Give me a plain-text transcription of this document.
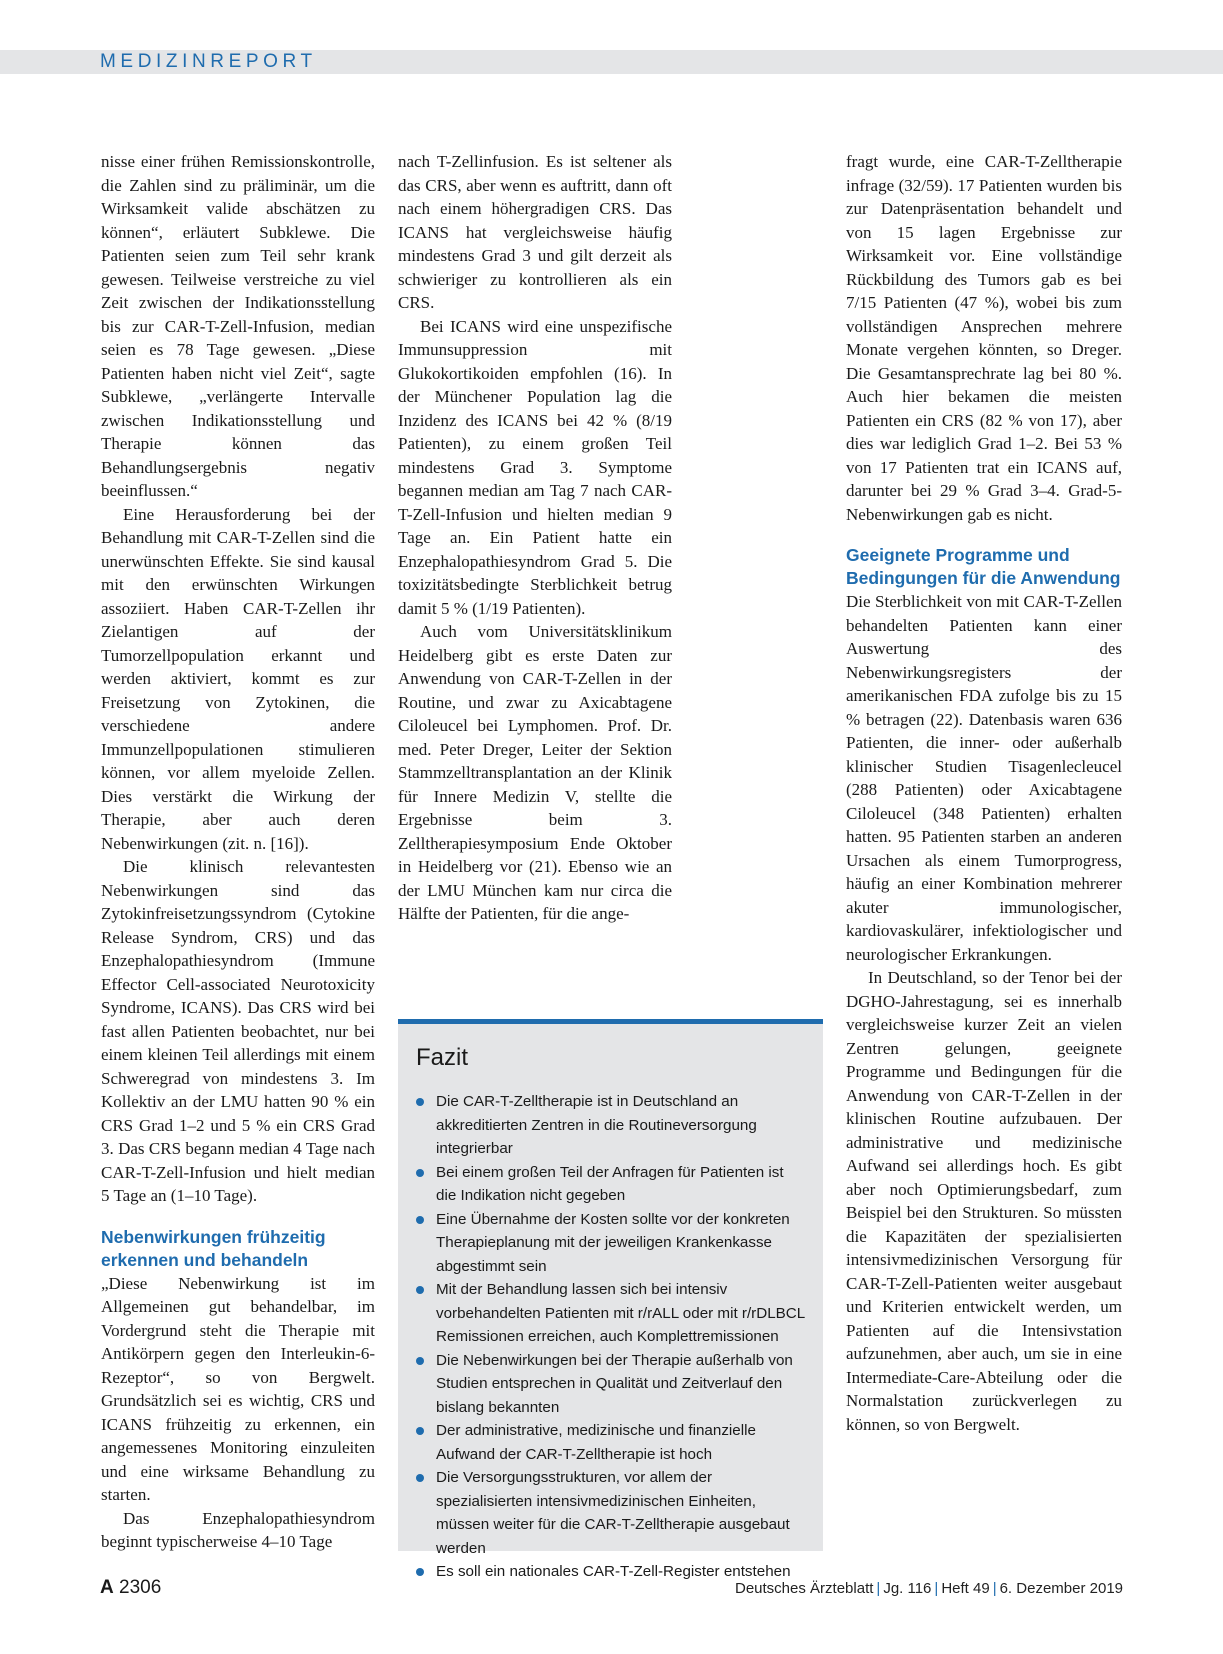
MEDIZINREPORT

nisse einer frühen Remissionskontrolle, die Zahlen sind zu präliminär, um die Wirksamkeit valide abschätzen zu können“, erläutert Subklewe. Die Patienten seien zum Teil sehr krank gewesen. Teilweise verstreiche zu viel Zeit zwischen der Indikationsstellung bis zur CAR-T-Zell-Infusion, median seien es 78 Tage gewesen. „Diese Patienten haben nicht viel Zeit“, sagte Subklewe, „verlängerte Intervalle zwischen Indikationsstellung und Therapie können das Behandlungsergebnis negativ beeinflussen.“

Eine Herausforderung bei der Behandlung mit CAR-T-Zellen sind die unerwünschten Effekte. Sie sind kausal mit den erwünschten Wirkungen assoziiert. Haben CAR-T-Zellen ihr Zielantigen auf der Tumorzellpopulation erkannt und werden aktiviert, kommt es zur Freisetzung von Zytokinen, die verschiedene andere Immunzellpopulationen stimulieren können, vor allem myeloide Zellen. Dies verstärkt die Wirkung der Therapie, aber auch deren Nebenwirkungen (zit. n. [16]).

Die klinisch relevantesten Nebenwirkungen sind das Zytokinfreisetzungssyndrom (Cytokine Release Syndrom, CRS) und das Enzephalopathiesyndrom (Immune Effector Cell-associated Neurotoxicity Syndrome, ICANS). Das CRS wird bei fast allen Patienten beobachtet, nur bei einem kleinen Teil allerdings mit einem Schweregrad von mindestens 3. Im Kollektiv an der LMU hatten 90 % ein CRS Grad 1–2 und 5 % ein CRS Grad 3. Das CRS begann median 4 Tage nach CAR-T-Zell-Infusion und hielt median 5 Tage an (1–10 Tage).

Nebenwirkungen frühzeitig erkennen und behandeln

„Diese Nebenwirkung ist im Allgemeinen gut behandelbar, im Vordergrund steht die Therapie mit Antikörpern gegen den Interleukin-6-Rezeptor“, so von Bergwelt. Grundsätzlich sei es wichtig, CRS und ICANS frühzeitig zu erkennen, ein angemessenes Monitoring einzuleiten und eine wirksame Behandlung zu starten.

Das Enzephalopathiesyndrom beginnt typischerweise 4–10 Tage

nach T-Zellinfusion. Es ist seltener als das CRS, aber wenn es auftritt, dann oft nach einem höhergradigen CRS. Das ICANS hat vergleichsweise häufig mindestens Grad 3 und gilt derzeit als schwieriger zu kontrollieren als ein CRS.

Bei ICANS wird eine unspezifische Immunsuppression mit Glukokortikoiden empfohlen (16). In der Münchener Population lag die Inzidenz des ICANS bei 42 % (8/19 Patienten), zu einem großen Teil mindestens Grad 3. Symptome begannen median am Tag 7 nach CAR-T-Zell-Infusion und hielten median 9 Tage an. Ein Patient hatte ein Enzephalopathiesyndrom Grad 5. Die toxizitätsbedingte Sterblichkeit betrug damit 5 % (1/19 Patienten).

Auch vom Universitätsklinikum Heidelberg gibt es erste Daten zur Anwendung von CAR-T-Zellen in der Routine, und zwar zu Axicabtagene Ciloleucel bei Lymphomen. Prof. Dr. med. Peter Dreger, Leiter der Sektion Stammzelltransplantation an der Klinik für Innere Medizin V, stellte die Ergebnisse beim 3. Zelltherapiesymposium Ende Oktober in Heidelberg vor (21). Ebenso wie an der LMU München kam nur circa die Hälfte der Patienten, für die ange-

Fazit
Die CAR-T-Zelltherapie ist in Deutschland an akkreditierten Zentren in die Routineversorgung integrierbar
Bei einem großen Teil der Anfragen für Patienten ist die Indikation nicht gegeben
Eine Übernahme der Kosten sollte vor der konkreten Therapieplanung mit der jeweiligen Krankenkasse abgestimmt sein
Mit der Behandlung lassen sich bei intensiv vorbehandelten Patienten mit r/rALL oder mit r/rDLBCL Remissionen erreichen, auch Komplettremissionen
Die Nebenwirkungen bei der Therapie außerhalb von Studien entsprechen in Qualität und Zeitverlauf den bislang bekannten
Der administrative, medizinische und finanzielle Aufwand der CAR-T-Zelltherapie ist hoch
Die Versorgungsstrukturen, vor allem der spezialisierten intensivmedizinischen Einheiten, müssen weiter für die CAR-T-Zelltherapie ausgebaut werden
Es soll ein nationales CAR-T-Zell-Register entstehen

fragt wurde, eine CAR-T-Zelltherapie infrage (32/59). 17 Patienten wurden bis zur Datenpräsentation behandelt und von 15 lagen Ergebnisse zur Wirksamkeit vor. Eine vollständige Rückbildung des Tumors gab es bei 7/15 Patienten (47 %), wobei bis zum vollständigen Ansprechen mehrere Monate vergehen könnten, so Dreger. Die Gesamtansprechrate lag bei 80 %. Auch hier bekamen die meisten Patienten ein CRS (82 % von 17), aber dies war lediglich Grad 1–2. Bei 53 % von 17 Patienten trat ein ICANS auf, darunter bei 29 % Grad 3–4. Grad-5-Nebenwirkungen gab es nicht.

Geeignete Programme und Bedingungen für die Anwendung

Die Sterblichkeit von mit CAR-T-Zellen behandelten Patienten kann einer Auswertung des Nebenwirkungsregisters der amerikanischen FDA zufolge bis zu 15 % betragen (22). Datenbasis waren 636 Patienten, die inner- oder außerhalb klinischer Studien Tisagenlecleucel (288 Patienten) oder Axicabtagene Ciloleucel (348 Patienten) erhalten hatten. 95 Patienten starben an anderen Ursachen als einem Tumorprogress, häufig an einer Kombination mehrerer akuter immunologischer, kardiovaskulärer, infektiologischer und neurologischer Erkrankungen.

In Deutschland, so der Tenor bei der DGHO-Jahrestagung, sei es innerhalb vergleichsweise kurzer Zeit an vielen Zentren gelungen, geeignete Programme und Bedingungen für die Anwendung von CAR-T-Zellen in der klinischen Routine aufzubauen. Der administrative und medizinische Aufwand sei allerdings hoch. Es gibt aber noch Optimierungsbedarf, zum Beispiel bei den Strukturen. So müssten die Kapazitäten der spezialisierten intensivmedizinischen Versorgung für CAR-T-Zell-Patienten weiter ausgebaut und Kriterien entwickelt werden, um Patienten auf die Intensivstation aufzunehmen, aber auch, um sie in eine Intermediate-Care-Abteilung oder die Normalstation zurückverlegen zu können, so von Bergwelt.

A 2306	Deutsches Ärzteblatt | Jg. 116 | Heft 49 | 6. Dezember 2019
